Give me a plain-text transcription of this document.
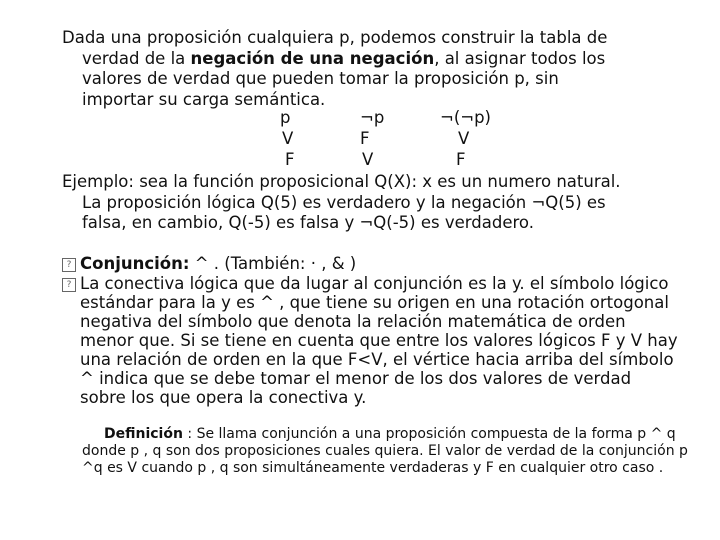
Dada una proposición cualquiera p, podemos construir la tabla de
verdad de la negación de una negación, al asignar todos los
valores de verdad que pueden tomar la proposición p, sin
importar su carga semántica.
p	¬p	¬(¬p)
V	F	V
F	V	F
Ejemplo: sea la función proposicional Q(X): x es un numero natural.
La proposición lógica Q(5) es verdadero y la negación ¬Q(5) es
falsa, en cambio, Q(-5) es falsa y ¬Q(-5) es verdadero.
? Conjunción: ^ . (También: · , & )
? La conectiva lógica que da lugar al conjunción es la y. el símbolo lógico estándar para la y es ^ , que tiene su origen en una rotación ortogonal negativa del símbolo que denota la relación matemática de orden menor que. Si se tiene en cuenta que entre los valores lógicos F y V hay una relación de orden en la que F<V, el vértice hacia arriba del símbolo ^ indica que se debe tomar el menor de los dos valores de verdad sobre los que opera la conectiva y.
Definición : Se llama conjunción a una proposición compuesta de la forma p ^ q donde p , q son dos proposiciones cuales quiera. El valor de verdad de la conjunción p ^q es V cuando p , q son simultáneamente verdaderas y F en cualquier otro caso .
